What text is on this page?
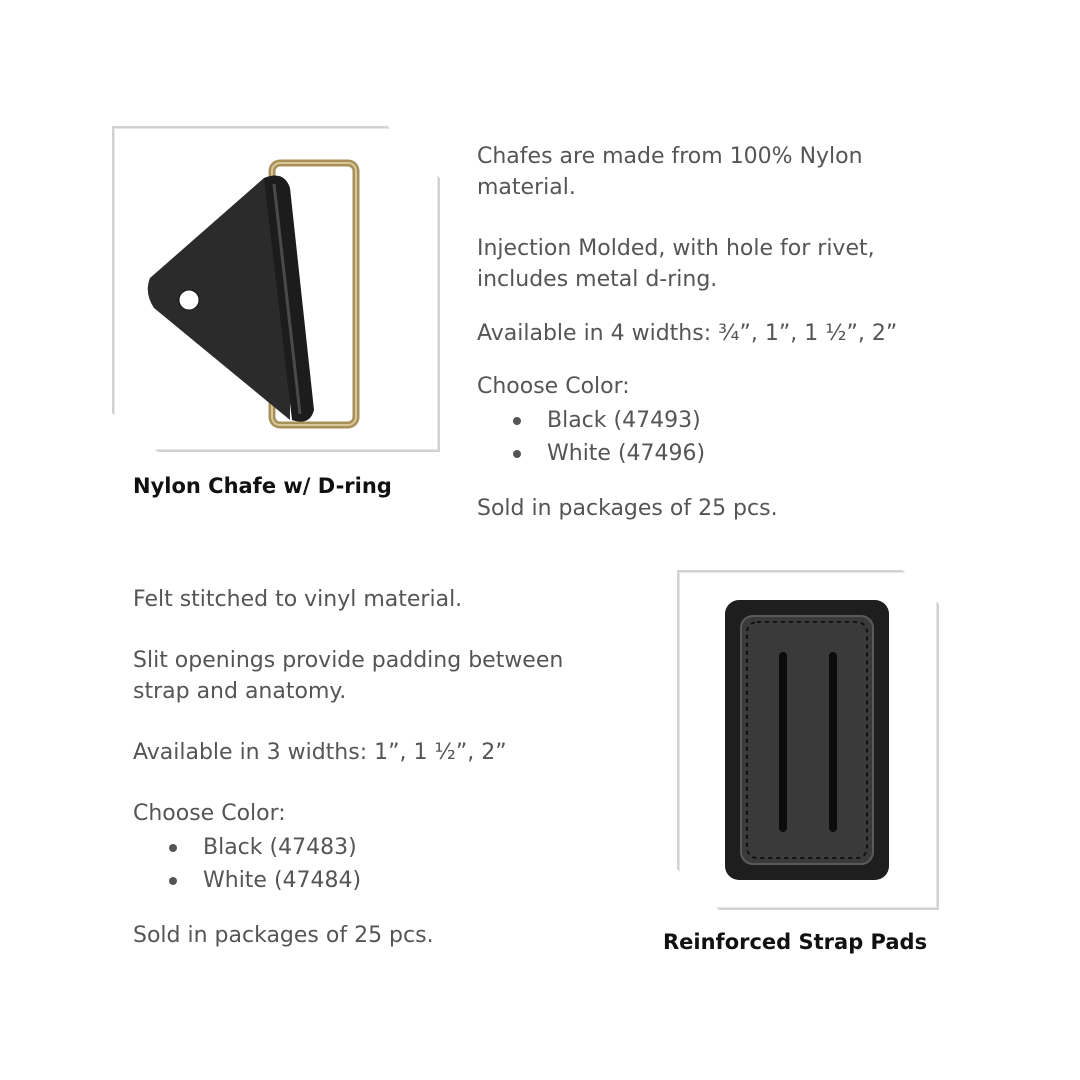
Nylon Chafe w/ D-ring

Chafes are made from 100% Nylon

material.

Injection Molded, with hole for rivet,

includes metal d-ring.

Available in 4 widths: ¾”, 1”, 1 ½”, 2”

Choose Color:

Black (47493)
White (47496)

Sold in packages of 25 pcs.

Felt stitched to vinyl material.

Slit openings provide padding between

strap and anatomy.

Available in 3 widths: 1”, 1 ½”, 2”

Choose Color:

Black (47483)
White (47484)

Sold in packages of 25 pcs.	Reinforced Strap Pads
